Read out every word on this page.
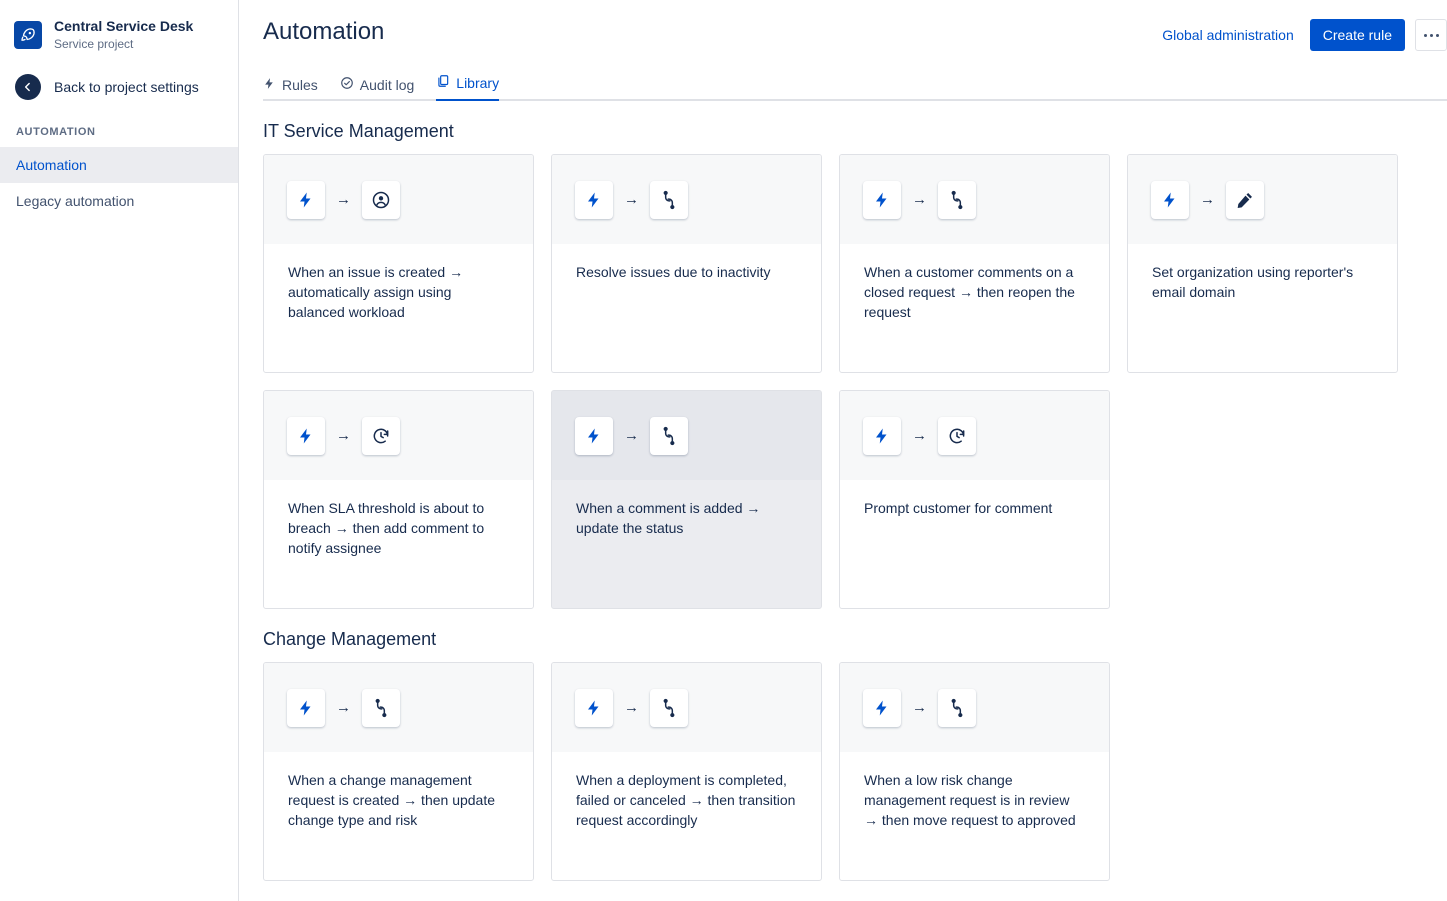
Central Service Desk
Service project
Back to project settings
AUTOMATION
Automation
Legacy automation
Automation	Global administration	Create rule
Rules	Audit log	Library
IT Service Management
→
When an issue is created → automatically assign using balanced workload
→
Resolve issues due to inactivity
→
When a customer comments on a closed request → then reopen the request
→
Set organization using reporter's email domain
→
When SLA threshold is about to breach → then add comment to notify assignee
→
When a comment is added → update the status
→
Prompt customer for comment
Change Management
→
When a change management request is created → then update change type and risk
→
When a deployment is completed, failed or canceled → then transition request accordingly
→
When a low risk change management request is in review → then move request to approved
